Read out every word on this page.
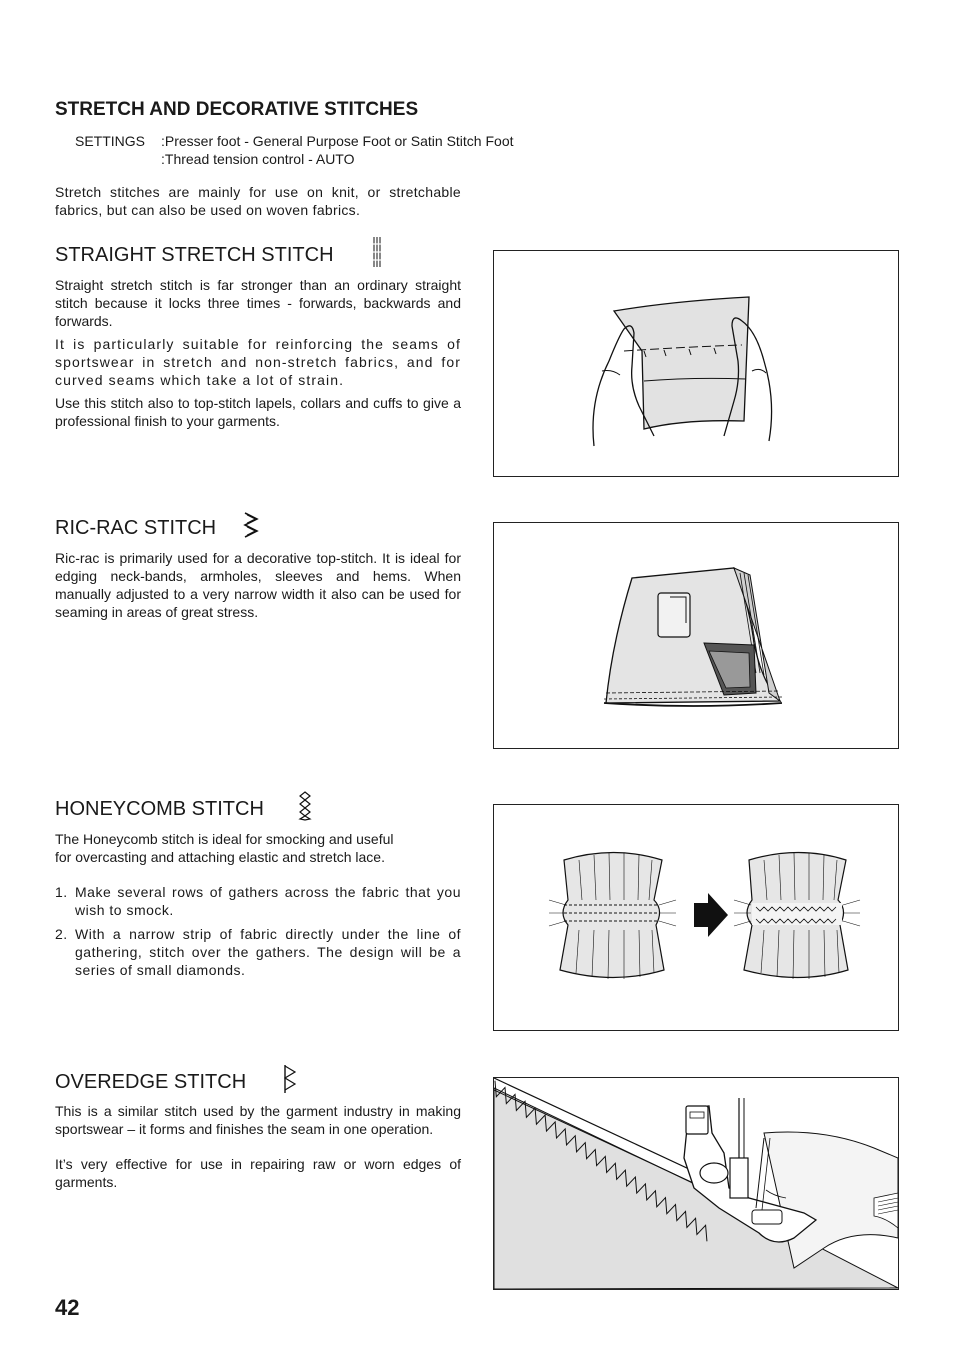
STRETCH AND DECORATIVE STITCHES
SETTINGS :Presser foot - General Purpose Foot or Satin Stitch Foot
:Thread tension control - AUTO

Stretch stitches are mainly for use on knit, or stretchable fabrics, but can also be used on woven fabrics.

STRAIGHT STRETCH STITCH

Straight stretch stitch is far stronger than an ordinary straight stitch because it locks three times - forwards, backwards and forwards.

It is particularly suitable for reinforcing the seams of sportswear in stretch and non-stretch fabrics, and for curved seams which take a lot of strain.

Use this stitch also to top-stitch lapels, collars and cuffs to give a professional finish to your garments.

RIC-RAC STITCH

Ric-rac is primarily used for a decorative top-stitch. It is ideal for edging neck-bands, armholes, sleeves and hems. When manually adjusted to a very narrow width it also can be used for seaming in areas of great stress.

HONEYCOMB STITCH

The Honeycomb stitch is ideal for smocking and useful
for overcasting and attaching elastic and stretch lace.

1. Make several rows of gathers across the fabric that you wish to smock.
2. With a narrow strip of fabric directly under the line of gathering, stitch over the gathers. The design will be a series of small diamonds.
OVEREDGE STITCH

This is a similar stitch used by the garment industry in making sportswear – it forms and finishes the seam in one operation.

It’s very effective for use in repairing raw or worn edges of garments.

42
